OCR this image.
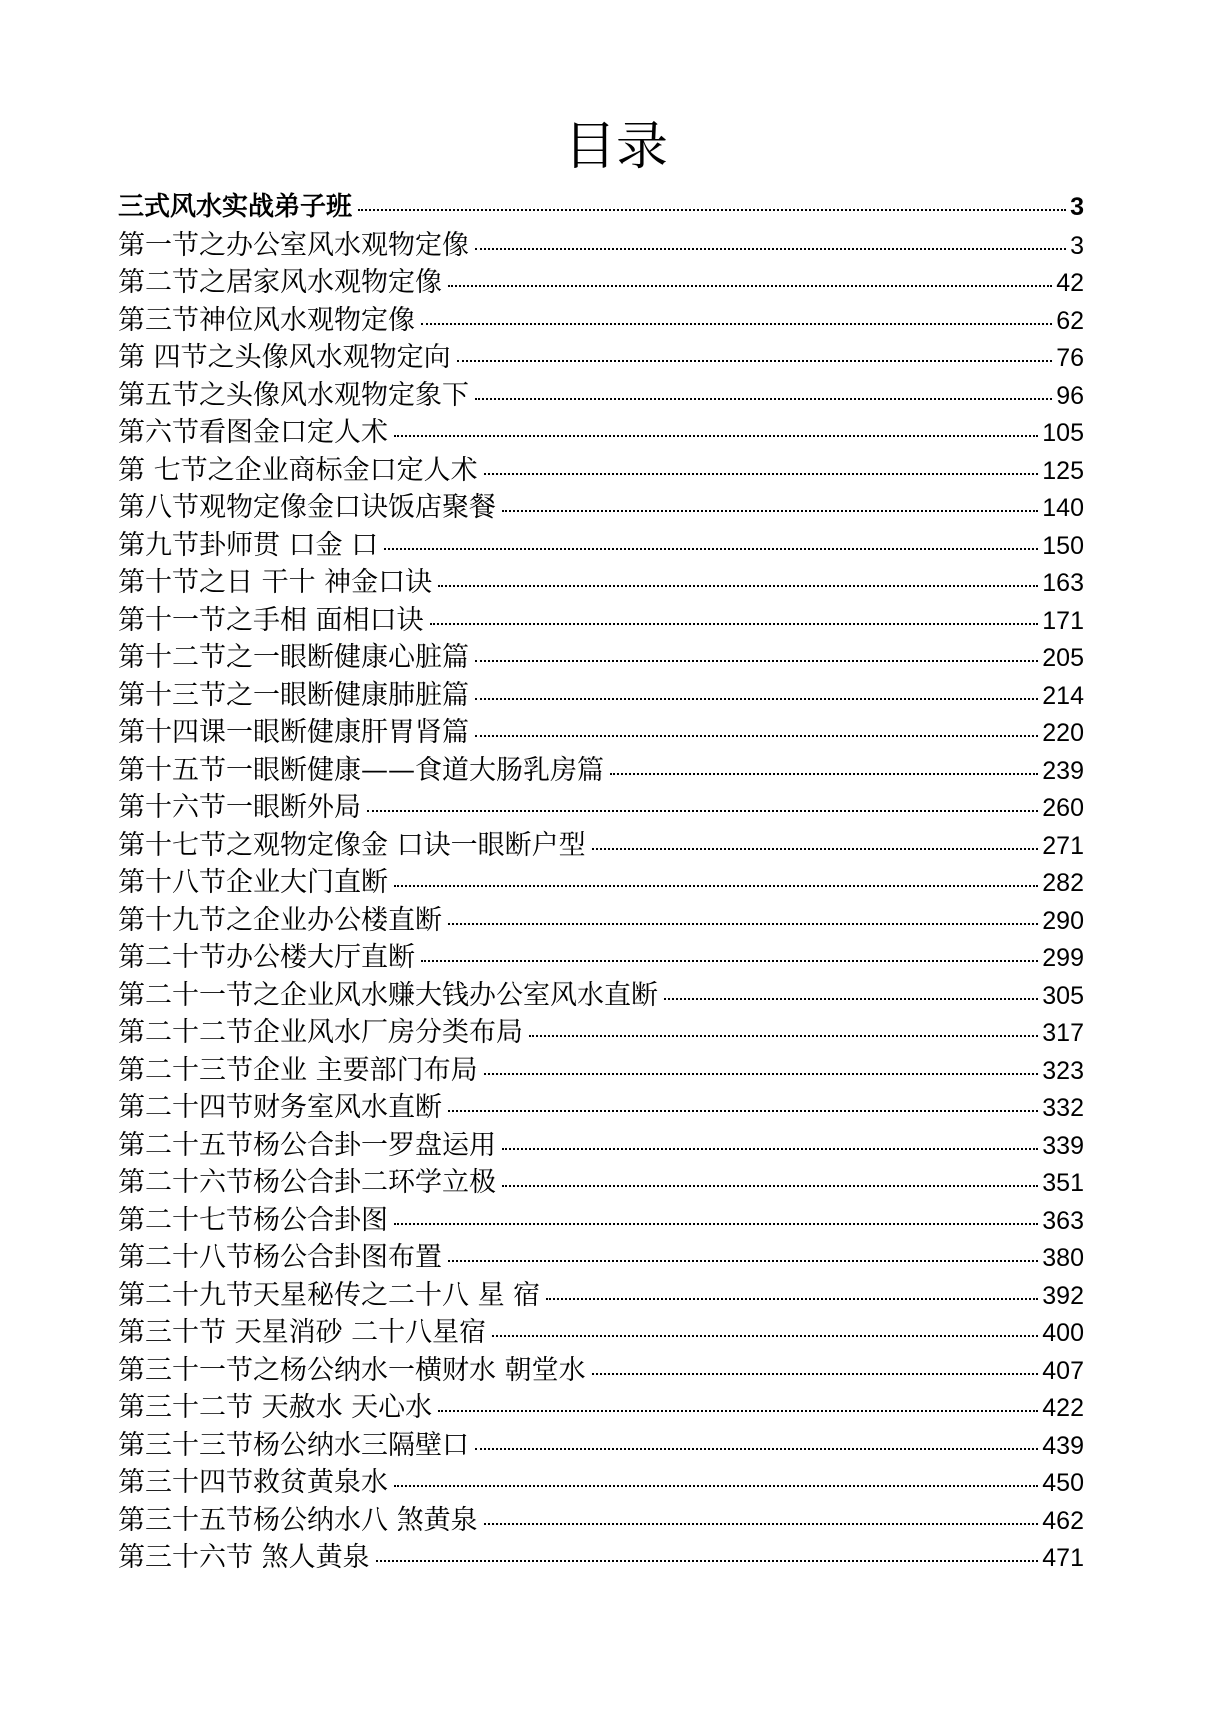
目录
三式风水实战弟子班	3
第一节之办公室风水观物定像	3
第二节之居家风水观物定像	42
第三节神位风水观物定像	62
第 四节之头像风水观物定向	76
第五节之头像风水观物定象下	96
第六节看图金口定人术	105
第 七节之企业商标金口定人术	125
第八节观物定像金口诀饭店聚餐	140
第九节卦师贯 口金 口	150
第十节之日 干十 神金口诀	163
第十一节之手相 面相口诀	171
第十二节之一眼断健康心脏篇	205
第十三节之一眼断健康肺脏篇	214
第十四课一眼断健康肝胃肾篇	220
第十五节一眼断健康——食道大肠乳房篇	239
第十六节一眼断外局	260
第十七节之观物定像金 口诀一眼断户型	271
第十八节企业大门直断	282
第十九节之企业办公楼直断	290
第二十节办公楼大厅直断	299
第二十一节之企业风水赚大钱办公室风水直断	305
第二十二节企业风水厂房分类布局	317
第二十三节企业 主要部门布局	323
第二十四节财务室风水直断	332
第二十五节杨公合卦一罗盘运用	339
第二十六节杨公合卦二环学立极	351
第二十七节杨公合卦图	363
第二十八节杨公合卦图布置	380
第二十九节天星秘传之二十八 星 宿	392
第三十节 天星消砂 二十八星宿	400
第三十一节之杨公纳水一横财水 朝堂水	407
第三十二节 天赦水 天心水	422
第三十三节杨公纳水三隔壁口	439
第三十四节救贫黄泉水	450
第三十五节杨公纳水八 煞黄泉	462
第三十六节 煞人黄泉	471
